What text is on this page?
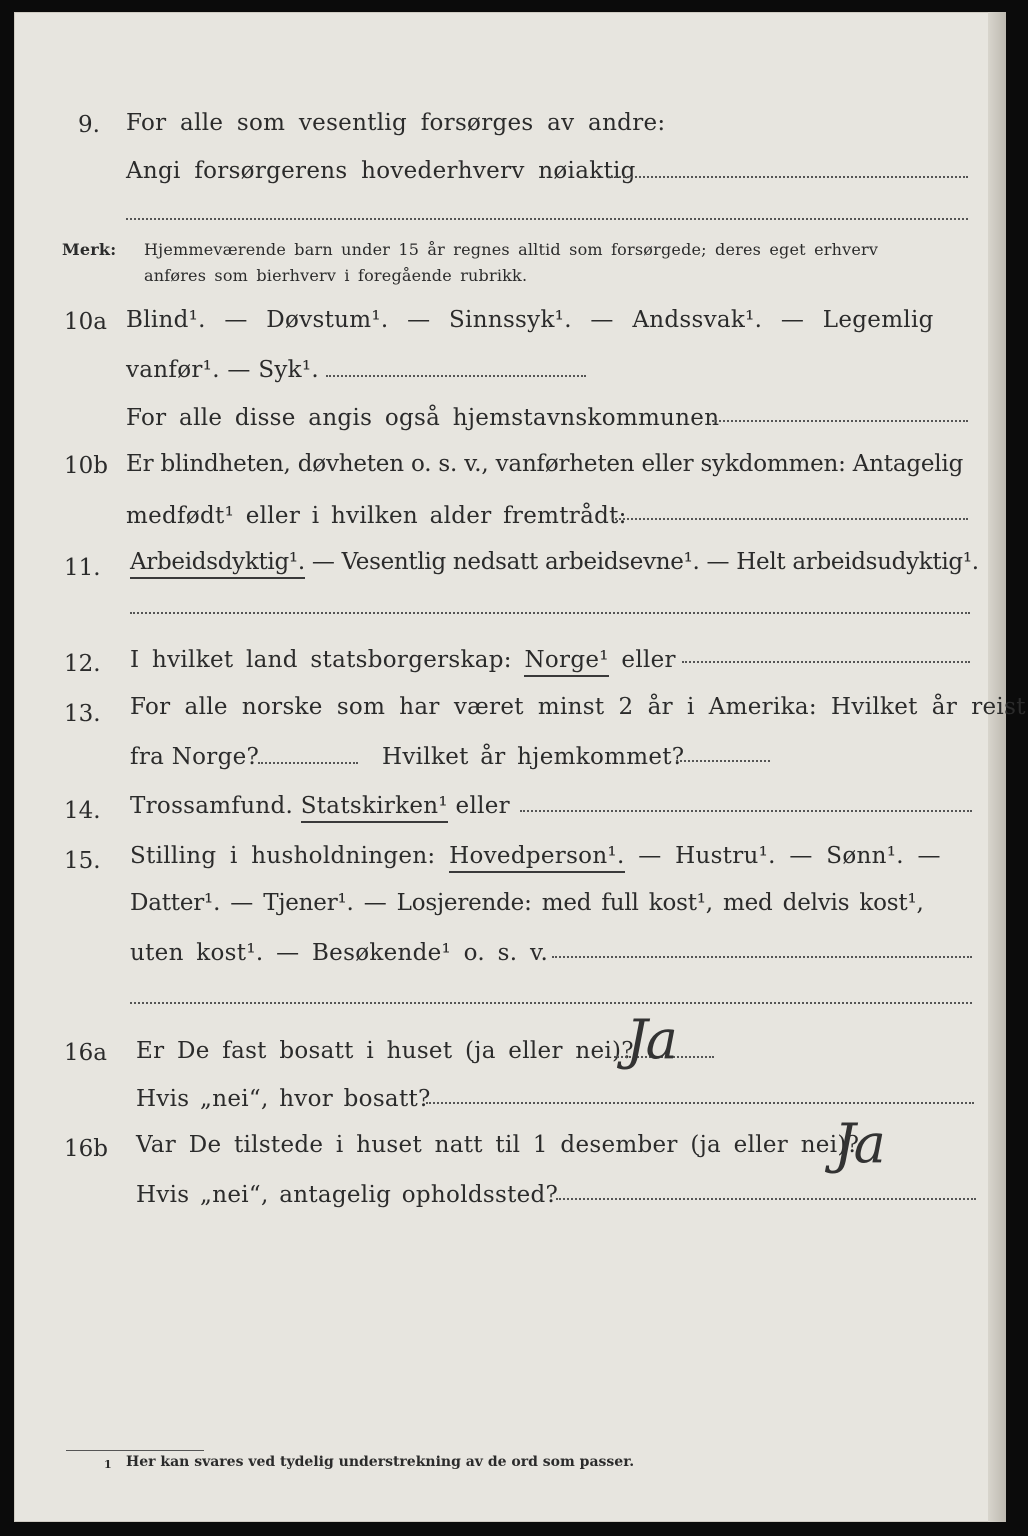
9. For alle som vesentlig forsørges av andre:
Angi forsørgerens hovederhverv nøiaktig
Merk: Hjemmeværende barn under 15 år regnes alltid som forsørgede; deres eget erhverv
anføres som bierhverv i foregående rubrikk.
10a Blind¹. — Døvstum¹. — Sinnssyk¹. — Andssvak¹. — Legemlig
vanfør¹. — Syk¹.
For alle disse angis også hjemstavnskommunen
10b Er blindheten, døvheten o. s. v., vanførheten eller sykdommen: Antagelig
medfødt¹ eller i hvilken alder fremtrådt:
11. Arbeidsdyktig¹. — Vesentlig nedsatt arbeidsevne¹. — Helt arbeidsudyktig¹.
12. I hvilket land statsborgerskap: Norge¹ eller
13. For alle norske som har været minst 2 år i Amerika: Hvilket år reist
fra Norge?	Hvilket år hjemkommet?
14. Trossamfund. Statskirken¹ eller
15. Stilling i husholdningen: Hovedperson¹. — Hustru¹. — Sønn¹. —
Datter¹. — Tjener¹. — Losjerende: med full kost¹, med delvis kost¹,
uten kost¹. — Besøkende¹ o. s. v.
16a Er De fast bosatt i huset (ja eller nei)?
Ja
Hvis „nei“, hvor bosatt?
16b Var De tilstede i huset natt til 1 desember (ja eller nei)?
Ja
Hvis „nei“, antagelig opholdssted?
1 Her kan svares ved tydelig understrekning av de ord som passer.
